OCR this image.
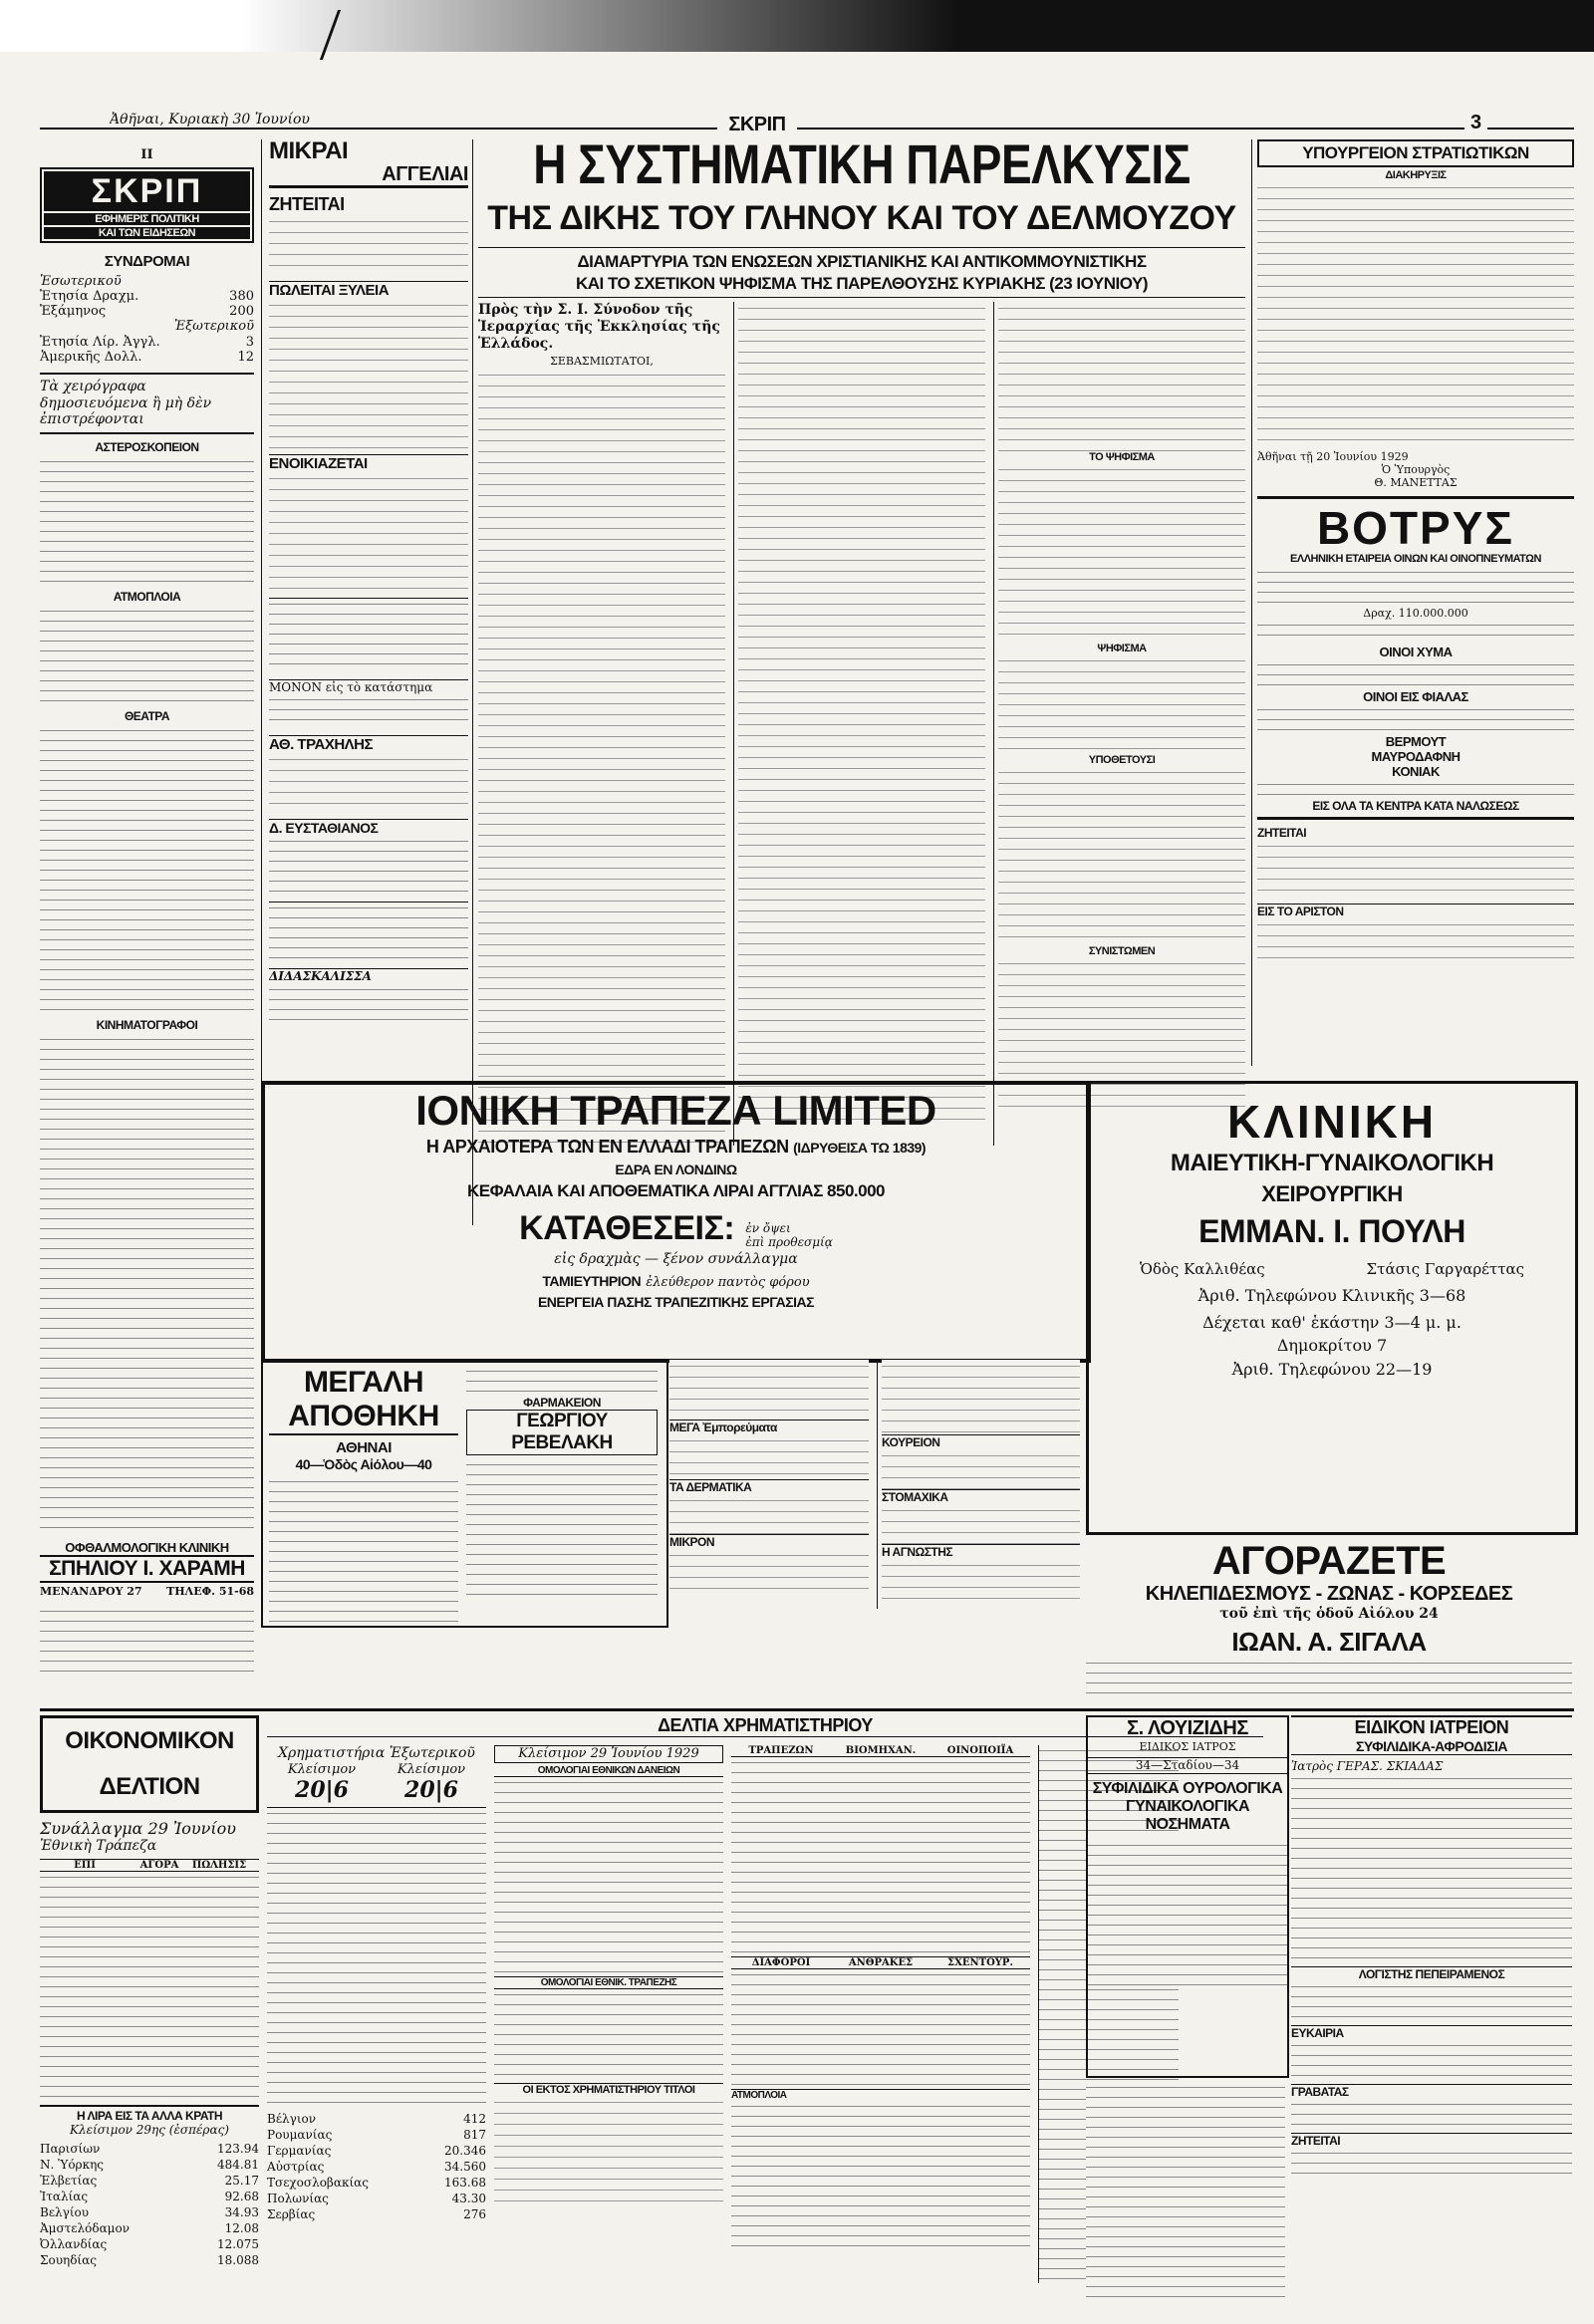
Ἀθῆναι, Κυριακὴ 30 Ἰουνίου	ΣΚΡΙΠ	3
II
ΣΚΡΙΠ
ΕΦΗΜΕΡΙΣ ΠΟΛΙΤΙΚΗ
ΚΑΙ ΤΩΝ ΕΙΔΗΣΕΩΝ
ΣΥΝΔΡΟΜΑΙ
Ἐσωτερικοῦ
Ἐτησία Δραχμ.	380
Ἑξάμηνος	200
Ἐξωτερικοῦ
Ἐτησία Λίρ. Ἀγγλ.	3
Ἀμερικῆς Δολλ.	12
Τὰ χειρόγραφα δημοσιευόμενα ἢ μὴ δὲν ἐπιστρέφονται
ΑΣΤΕΡΟΣΚΟΠΕΙΟΝ
ΑΤΜΟΠΛΟΙΑ
ΘΕΑΤΡΑ
ΚΙΝΗΜΑΤΟΓΡΑΦΟΙ
ΟΦΘΑΛΜΟΛΟΓΙΚΗ ΚΛΙΝΙΚΗ
ΣΠΗΛΙΟΥ Ι. ΧΑΡΑΜΗ
ΜΕΝΑΝΔΡΟΥ 27 ΤΗΛΕΦ. 51-68
ΜΙΚΡΑΙ
ΑΓΓΕΛΙΑΙ
ΖΗΤΕΙΤΑΙ
ΠΩΛΕΙΤΑΙ ΞΥΛΕΙΑ
ΕΝΟΙΚΙΑΖΕΤΑΙ
ΜΟΝΟΝ εἰς τὸ κατάστημα
ΑΘ. ΤΡΑΧΗΛΗΣ
Δ. ΕΥΣΤΑΘΙΑΝΟΣ
ΔΙΔΑΣΚΑΛΙΣΣΑ
Η ΣΥΣΤΗΜΑΤΙΚΗ ΠΑΡΕΛΚΥΣΙΣ
ΤΗΣ ΔΙΚΗΣ ΤΟΥ ΓΛΗΝΟΥ ΚΑΙ ΤΟΥ ΔΕΛΜΟΥΖΟΥ
ΔΙΑΜΑΡΤΥΡΙΑ ΤΩΝ ΕΝΩΣΕΩΝ ΧΡΙΣΤΙΑΝΙΚΗΣ ΚΑΙ ΑΝΤΙΚΟΜΜΟΥΝΙΣΤΙΚΗΣ
ΚΑΙ ΤΟ ΣΧΕΤΙΚΟΝ ΨΗΦΙΣΜΑ ΤΗΣ ΠΑΡΕΛΘΟΥΣΗΣ ΚΥΡΙΑΚΗΣ (23 ΙΟΥΝΙΟΥ)
Πρὸς τὴν Σ. Ι. Σύνοδον τῆς Ἱεραρχίας τῆς Ἐκκλησίας τῆς Ἑλλάδος.
ΣΕΒΑΣΜΙΩΤΑΤΟΙ,
ΤΟ ΨΗΦΙΣΜΑ
ΨΗΦΙΣΜΑ
ΥΠΟΘΕΤΟΥΣΙ
ΣΥΝΙΣΤΩΜΕΝ
ΥΠΟΥΡΓΕΙΟΝ ΣΤΡΑΤΙΩΤΙΚΩΝ
ΔΙΑΚΗΡΥΞΙΣ
Ἀθῆναι τῇ 20 Ἰουνίου 1929
Ὁ Ὑπουργὸς
Θ. ΜΑΝΕΤΤΑΣ
ΒΟΤΡΥΣ
ΕΛΛΗΝΙΚΗ ΕΤΑΙΡΕΙΑ ΟΙΝΩΝ ΚΑΙ ΟΙΝΟΠΝΕΥΜΑΤΩΝ
Δραχ. 110.000.000
ΟΙΝΟΙ ΧΥΜΑ
ΟΙΝΟΙ ΕΙΣ ΦΙΑΛΑΣ
ΒΕΡΜΟΥΤ
ΜΑΥΡΟΔΑΦΝΗ
ΚΟΝΙΑΚ
ΕΙΣ ΟΛΑ ΤΑ ΚΕΝΤΡΑ ΚΑΤΑ ΝΑΛΩΣΕΩΣ
ΖΗΤΕΙΤΑΙ
ΕΙΣ ΤΟ ΑΡΙΣΤΟΝ
ΙΟΝΙΚΗ ΤΡΑΠΕΖΑ LIMITED
Η ΑΡΧΑΙΟΤΕΡΑ ΤΩΝ ΕΝ ΕΛΛΑΔΙ ΤΡΑΠΕΖΩΝ (ΙΔΡΥΘΕΙΣΑ ΤΩ 1839)
ΕΔΡΑ ΕΝ ΛΟΝΔΙΝΩ
ΚΕΦΑΛΑΙΑ ΚΑΙ ΑΠΟΘΕΜΑΤΙΚΑ ΛΙΡΑΙ ΑΓΓΛΙΑΣ 850.000
ΚΑΤΑΘΕΣΕΙΣ: ἐν ὄψει
ἐπὶ προθεσμίᾳ
εἰς δραχμὰς — ξένον συνάλλαγμα
ΤΑΜΙΕΥΤΗΡΙΟΝ ἐλεύθερον παντὸς φόρου
ΕΝΕΡΓΕΙΑ ΠΑΣΗΣ ΤΡΑΠΕΖΙΤΙΚΗΣ ΕΡΓΑΣΙΑΣ
ΚΛΙΝΙΚΗ
ΜΑΙΕΥΤΙΚΗ-ΓΥΝΑΙΚΟΛΟΓΙΚΗ
ΧΕΙΡΟΥΡΓΙΚΗ
ΕΜΜΑΝ. Ι. ΠΟΥΛΗ
Ὁδὸς Καλλιθέας	Στάσις Γαργαρέττας
Ἀριθ. Τηλεφώνου Κλινικῆς 3—68
Δέχεται καθ' ἑκάστην 3—4 μ. μ.
Δημοκρίτου 7
Ἀριθ. Τηλεφώνου 22—19
ΜΕΓΑΛΗ ΑΠΟΘΗΚΗ
ΑΘΗΝΑΙ
40—Ὁδὸς Αἰόλου—40
ΦΑΡΜΑΚΕΙΟΝ
ΓΕΩΡΓΙΟΥ ΡΕΒΕΛΑΚΗ
ΜΕΓΑ Ἐμπορεύματα
ΤΑ ΔΕΡΜΑΤΙΚΑ
ΜΙΚΡΟΝ
ΚΟΥΡΕΙΟΝ
ΣΤΟΜΑΧΙΚΑ
Η ΑΓΝΩΣΤΗΣ	ΑΓΟΡΑΖΕΤΕ
ΚΗΛΕΠΙΔΕΣΜΟΥΣ - ΖΩΝΑΣ - ΚΟΡΣΕΔΕΣ
τοῦ ἐπὶ τῆς ὁδοῦ Αἰόλου 24
ΙΩΑΝ. Α. ΣΙΓΑΛΑ
ΟΙΚΟΝΟΜΙΚΟΝ ΔΕΛΤΙΟΝ
Συνάλλαγμα 29 Ἰουνίου
Ἐθνικὴ Τράπεζα
ΕΠΙ	ΑΓΟΡΑ	ΠΩΛΗΣΙΣ
Η ΛΙΡΑ ΕΙΣ ΤΑ ΑΛΛΑ ΚΡΑΤΗ
Κλείσιμον 29ης (ἑσπέρας)
Παρισίων	123.94
Ν. Ὑόρκης	484.81
Ἐλβετίας	25.17
Ἰταλίας	92.68
Βελγίου	34.93
Ἀμστελόδαμον	12.08
Ὀλλανδίας	12.075
Σουηδίας	18.088
ΔΕΛΤΙΑ ΧΡΗΜΑΤΙΣΤΗΡΙΟΥ
Χρηματιστήρια Ἐξωτερικοῦ
Κλείσιμον	Κλείσιμον
20|6	20|6
Βέλγιον	412
Ρουμανίας	817
Γερμανίας	20.346
Αὐστρίας	34.560
Τσεχοσλοβακίας	163.68
Πολωνίας	43.30
Σερβίας	276
Κλείσιμον 29 Ἰουνίου 1929
ΟΜΟΛΟΓΙΑΙ ΕΘΝΙΚΩΝ ΔΑΝΕΙΩΝ
ΟΜΟΛΟΓΙΑΙ ΕΘΝΙΚ. ΤΡΑΠΕΖΗΣ
ΟΙ ΕΚΤΟΣ ΧΡΗΜΑΤΙΣΤΗΡΙΟΥ ΤΙΤΛΟΙ
ΤΡΑΠΕΖΩΝ	ΒΙΟΜΗΧΑΝ.	ΟΙΝΟΠΟΙΪΑ
ΔΙΑΦΟΡΟΙ	ΑΝΘΡΑΚΕΣ	ΣΧΕΝΤΟΥΡ.
ΑΤΜΟΠΛΟΙΑ
Σ. ΛΟΥΙΖΙΔΗΣ
ΕΙΔΙΚΟΣ ΙΑΤΡΟΣ
34—Σταδίου—34
ΣΥΦΙΛΙΔΙΚΑ ΟΥΡΟΛΟΓΙΚΑ ΓΥΝΑΙΚΟΛΟΓΙΚΑ ΝΟΣΗΜΑΤΑ
ΕΙΔΙΚΟΝ ΙΑΤΡΕΙΟΝ
ΣΥΦΙΛΙΔΙΚΑ-ΑΦΡΟΔΙΣΙΑ
Ἰατρὸς ΓΕΡΑΣ. ΣΚΙΑΔΑΣ
ΛΟΓΙΣΤΗΣ ΠΕΠΕΙΡΑΜΕΝΟΣ
ΕΥΚΑΙΡΙΑ
ΓΡΑΒΑΤΑΣ
ΖΗΤΕΙΤΑΙ
